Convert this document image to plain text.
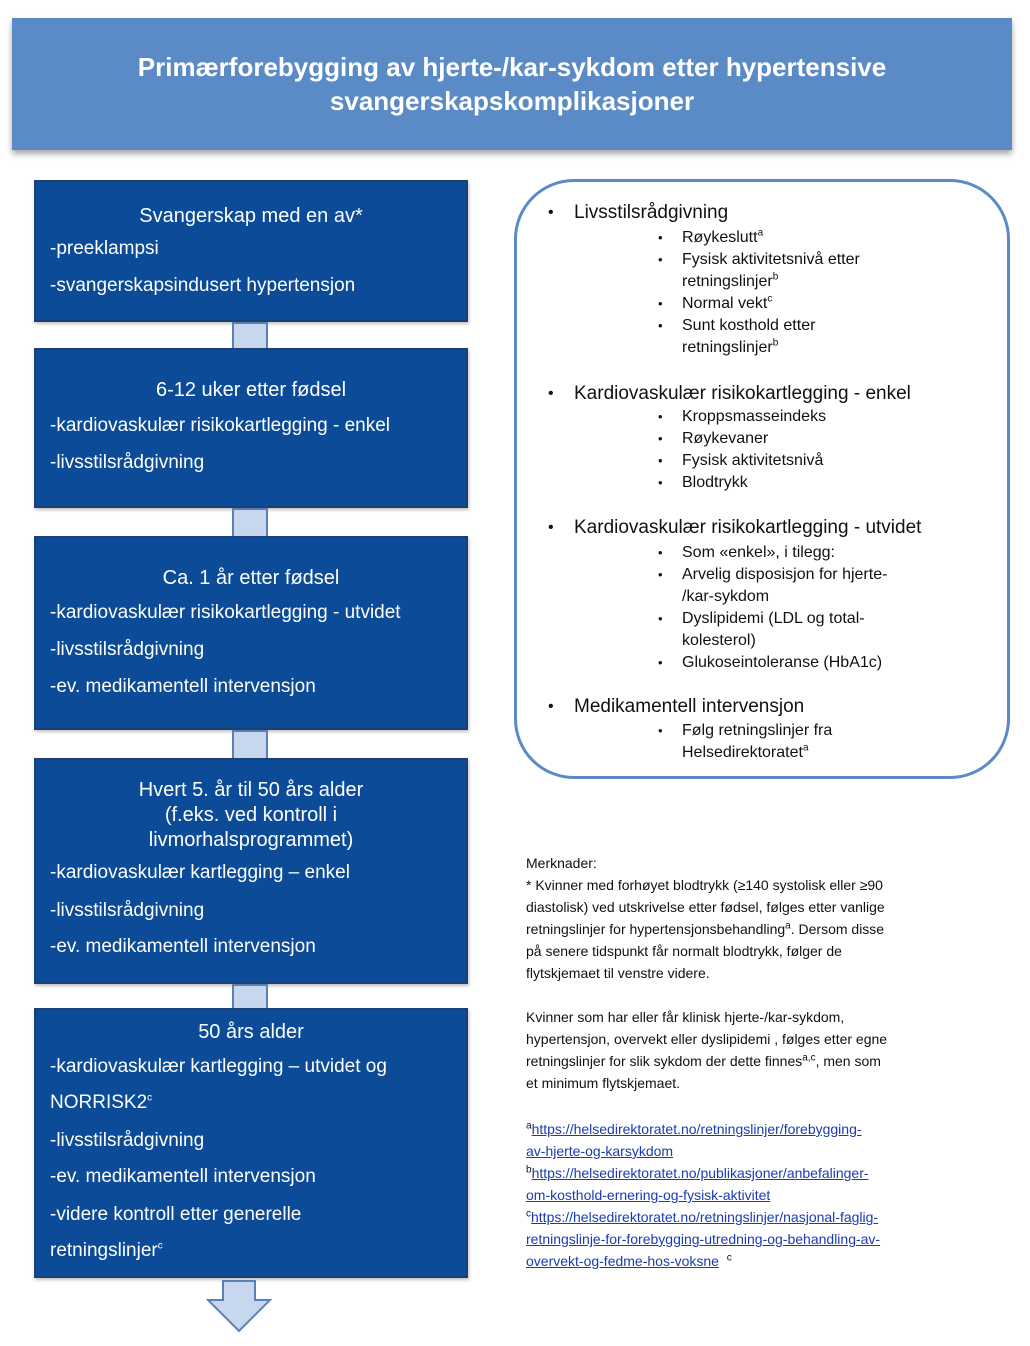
Primærforebygging av hjerte-/kar-sykdom etter hypertensive
svangerskapskomplikasjoner
Svangerskap med en av*
-preeklampsi
-svangerskapsindusert hypertensjon
6-12 uker etter fødsel
-kardiovaskulær risikokartlegging - enkel
-livsstilsrådgivning
Ca. 1 år etter fødsel
-kardiovaskulær risikokartlegging - utvidet
-livsstilsrådgivning
-ev. medikamentell intervensjon
Hvert 5. år til 50 års alder
(f.eks. ved kontroll i
livmorhalsprogrammet)
-kardiovaskulær kartlegging – enkel
-livsstilsrådgivning
-ev. medikamentell intervensjon
50 års alder
-kardiovaskulær kartlegging – utvidet og
NORRISK2$^c$
-livsstilsrådgivning
-ev. medikamentell intervensjon
-videre kontroll etter generelle
retningslinjer$^c$
• Livsstilsrådgivning
• Røykeslutt$^a$
• Fysisk aktivitetsnivå etter
retningslinjer$^b$
• Normal vekt$^c$
• Sunt kosthold etter
retningslinjer$^b$
• Kardiovaskulær risikokartlegging - enkel
• Kroppsmasseindeks
• Røykevaner
• Fysisk aktivitetsnivå
• Blodtrykk
• Kardiovaskulær risikokartlegging - utvidet
• Som «enkel», i tilegg:
• Arvelig disposisjon for hjerte-
/kar-sykdom
• Dyslipidemi (LDL og total-
kolesterol)
• Glukoseintoleranse (HbA1c)
• Medikamentell intervensjon
• Følg retningslinjer fra
Helsedirektoratet$^a$
Merknader:
* Kvinner med forhøyet blodtrykk (≥140 systolisk eller ≥90
diastolisk) ved utskrivelse etter fødsel, følges etter vanlige
retningslinjer for hypertensjonsbehandling$^a$. Dersom disse
på senere tidspunkt får normalt blodtrykk, følger de
flytskjemaet til venstre videre.
Kvinner som har eller får klinisk hjerte-/kar-sykdom,
hypertensjon, overvekt eller dyslipidemi , følges etter egne
retningslinjer for slik sykdom der dette finnes$^{a,c}$, men som
et minimum flytskjemaet.
$^a$https://helsedirektoratet.no/retningslinjer/forebygging-
av-hjerte-og-karsykdom
$^b$https://helsedirektoratet.no/publikasjoner/anbefalinger-
om-kosthold-ernering-og-fysisk-aktivitet
$^c$https://helsedirektoratet.no/retningslinjer/nasjonal-faglig-
retningslinje-for-forebygging-utredning-og-behandling-av-
overvekt-og-fedme-hos-voksne $^c$
